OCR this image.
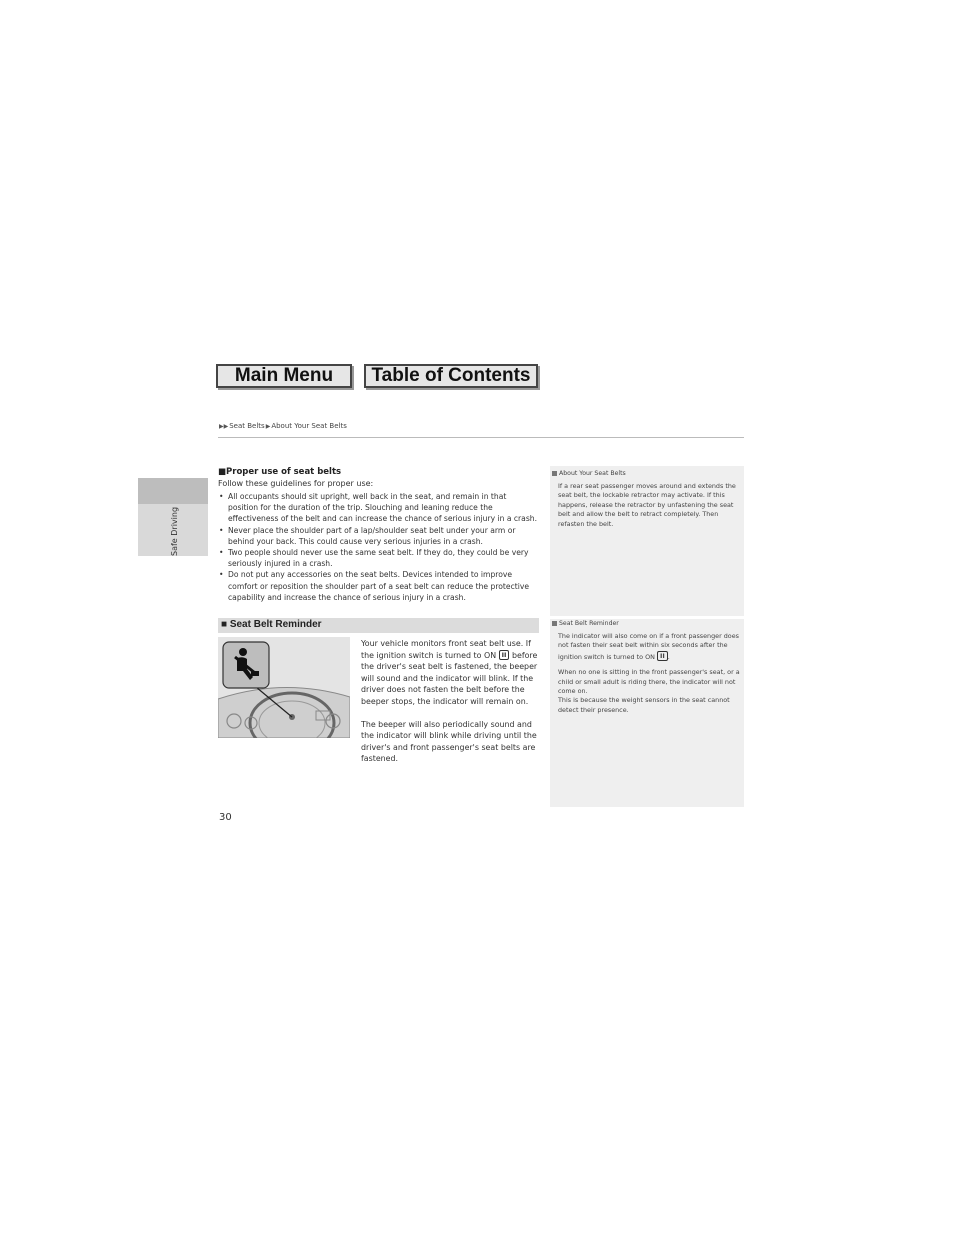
Main Menu	Table of Contents
▶▶ Seat Belts ▶ About Your Seat Belts
Safe Driving
■Proper use of seat belts
Follow these guidelines for proper use:
• All occupants should sit upright, well back in the seat, and remain in that position for the duration of the trip. Slouching and leaning reduce the effectiveness of the belt and can increase the chance of serious injury in a crash.
• Never place the shoulder part of a lap/shoulder seat belt under your arm or behind your back. This could cause very serious injuries in a crash.
• Two people should never use the same seat belt. If they do, they could be very seriously injured in a crash.
• Do not put any accessories on the seat belts. Devices intended to improve comfort or reposition the shoulder part of a seat belt can reduce the protective capability and increase the chance of serious injury in a crash.
■ Seat Belt Reminder

Your vehicle monitors front seat belt use. If the ignition switch is turned to ON II before the driver's seat belt is fastened, the beeper will sound and the indicator will blink. If the driver does not fasten the belt before the beeper stops, the indicator will remain on.

The beeper will also periodically sound and the indicator will blink while driving until the driver's and front passenger's seat belts are fastened.

About Your Seat Belts

If a rear seat passenger moves around and extends the seat belt, the lockable retractor may activate. If this happens, release the retractor by unfastening the seat belt and allow the belt to retract completely. Then refasten the belt.

Seat Belt Reminder

The indicator will also come on if a front passenger does not fasten their seat belt within six seconds after the ignition switch is turned to ON II .

When no one is sitting in the front passenger's seat, or a child or small adult is riding there, the indicator will not come on.

This is because the weight sensors in the seat cannot detect their presence.

30
